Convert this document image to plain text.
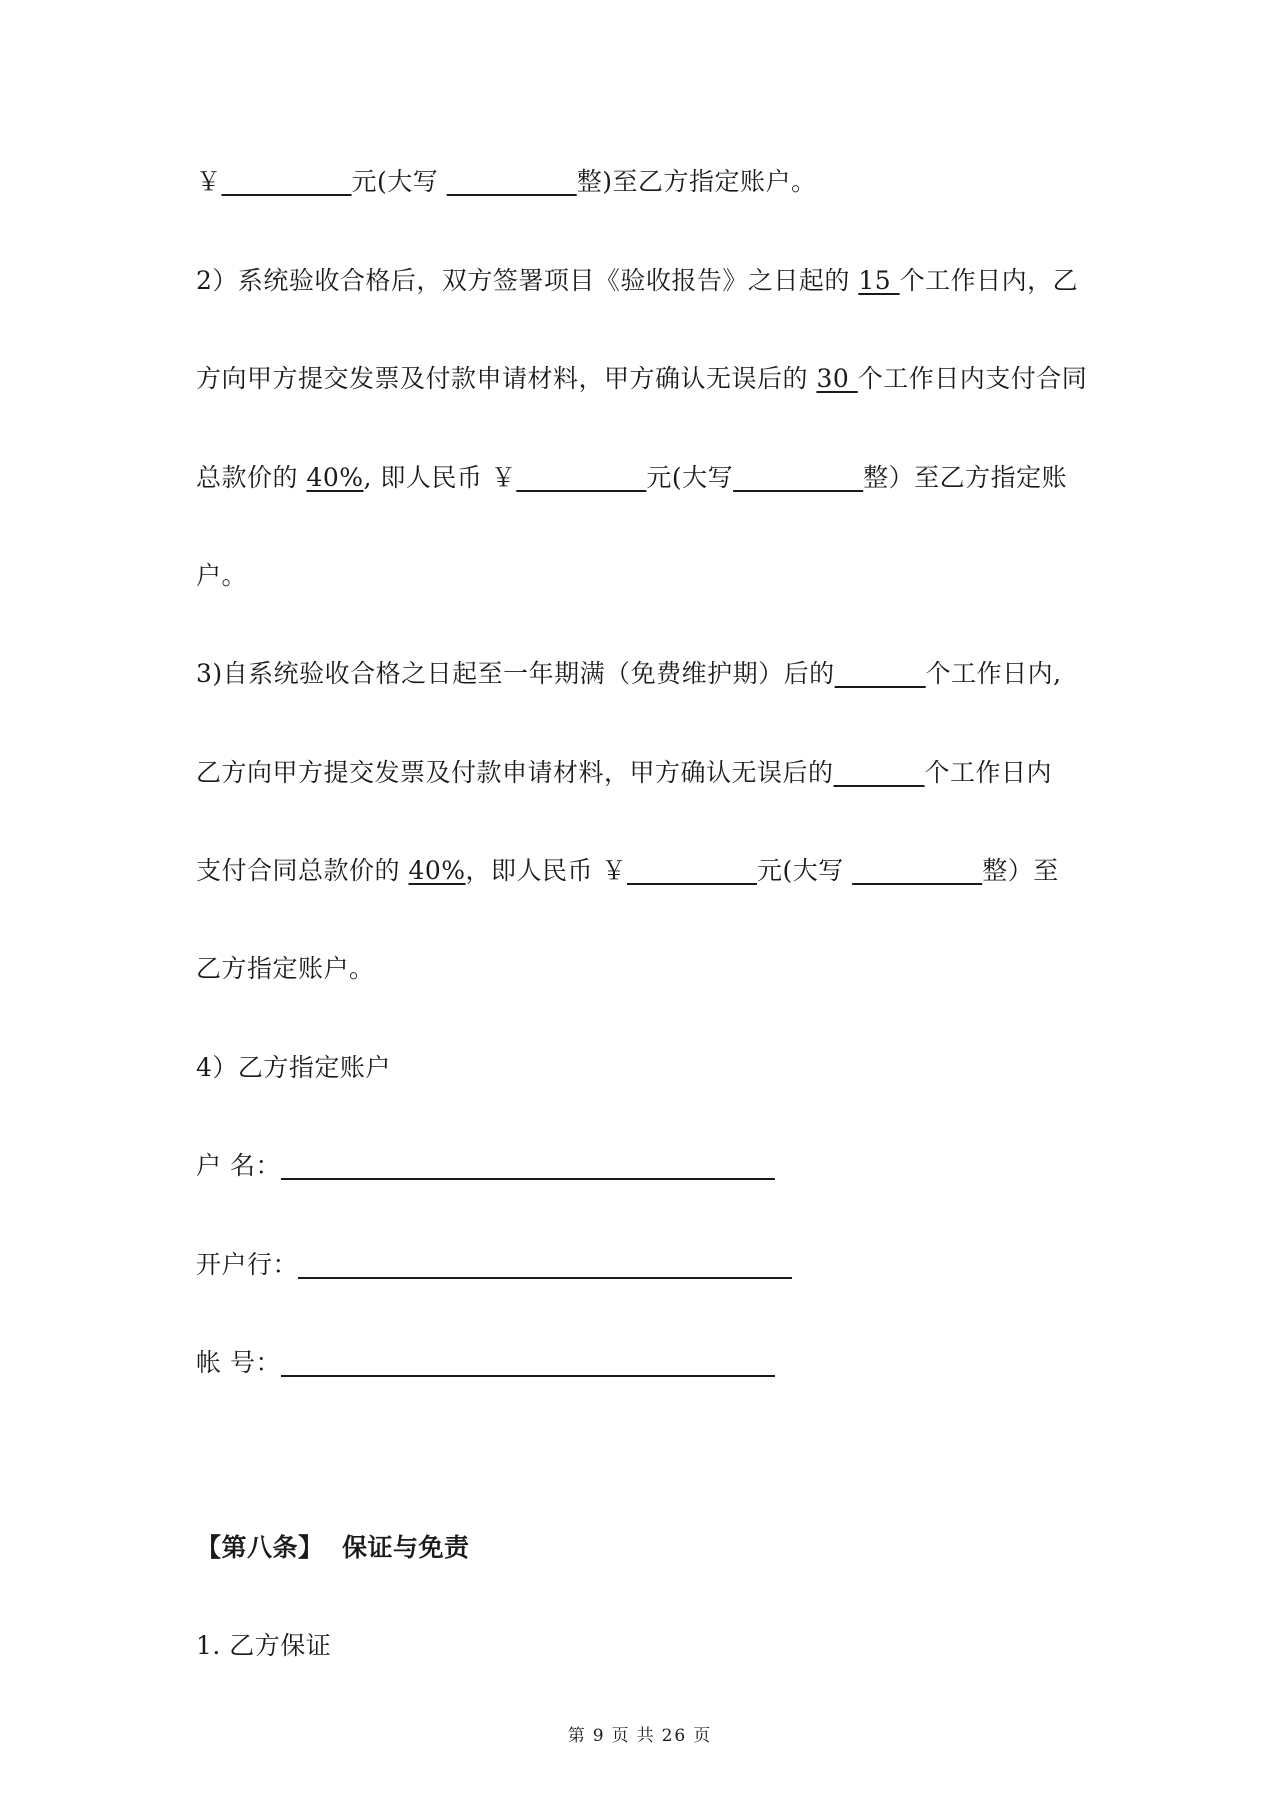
￥__________元(大写 __________整)至乙方指定账户。
2）系统验收合格后，双方签署项目《验收报告》之日起的 15 个工作日内，乙
方向甲方提交发票及付款申请材料，甲方确认无误后的 30 个工作日内支付合同
总款价的 40%, 即人民币 ￥__________元(大写__________整）至乙方指定账
户。
3)自系统验收合格之日起至一年期满（免费维护期）后的_______个工作日内,
乙方向甲方提交发票及付款申请材料，甲方确认无误后的_______个工作日内
支付合同总款价的 40%，即人民币 ￥__________元(大写 __________整）至
乙方指定账户。
4）乙方指定账户
户 名：______________________________________
开户行：______________________________________
帐 号：______________________________________
【第八条】 保证与免责
1. 乙方保证
第 9 页 共 26 页
